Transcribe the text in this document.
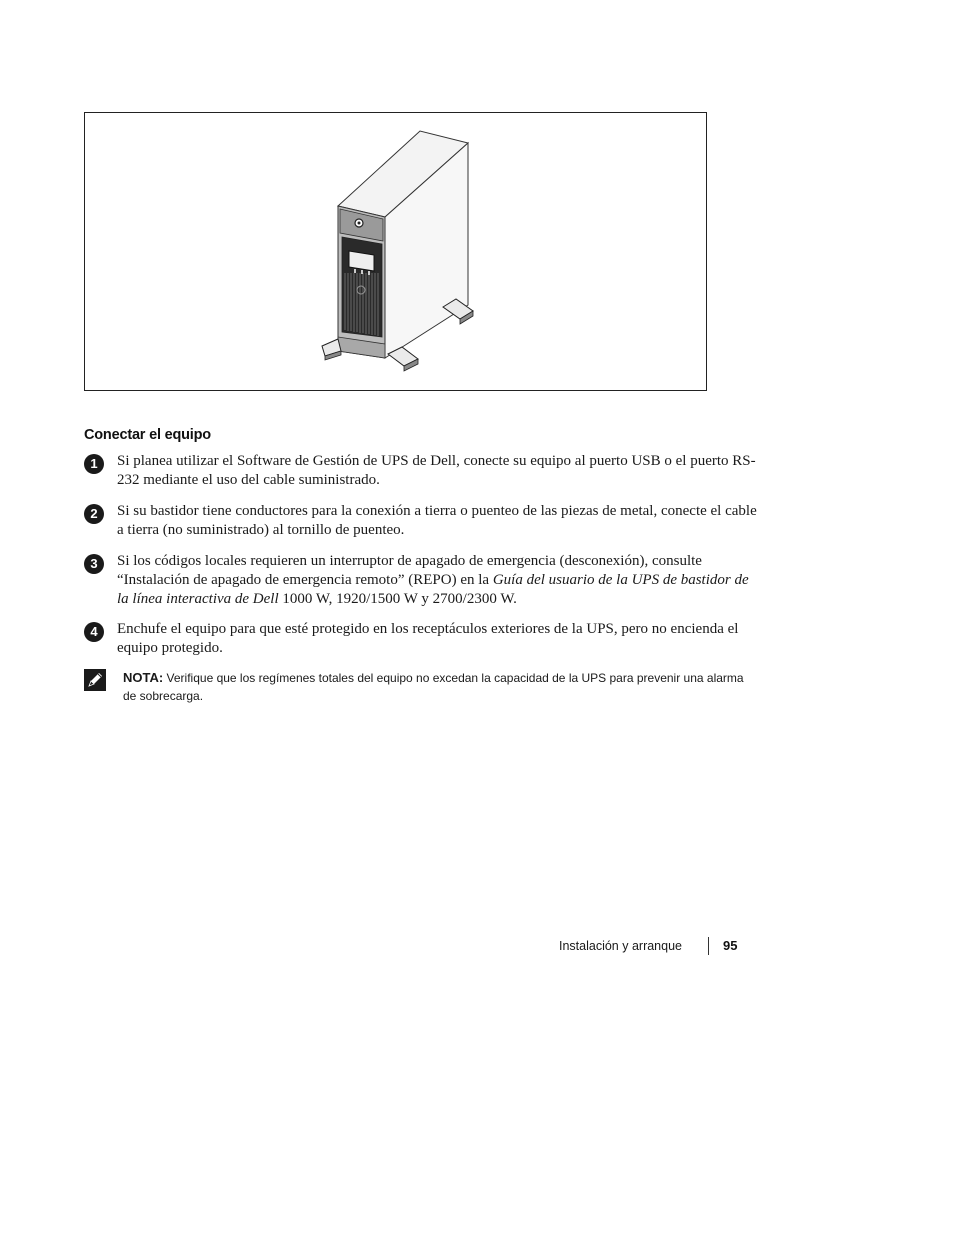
Conectar el equipo
1	Si planea utilizar el Software de Gestión de UPS de Dell, conecte su equipo al puerto USB o el puerto RS-232 mediante el uso del cable suministrado.
2	Si su bastidor tiene conductores para la conexión a tierra o puenteo de las piezas de metal, conecte el cable a tierra (no suministrado) al tornillo de puenteo.
3	Si los códigos locales requieren un interruptor de apagado de emergencia (desconexión), consulte “Instalación de apagado de emergencia remoto” (REPO) en la Guía del usuario de la UPS de bastidor de la línea interactiva de Dell 1000 W, 1920/1500 W y 2700/2300 W.
4	Enchufe el equipo para que esté protegido en los receptáculos exteriores de la UPS, pero no encienda el equipo protegido.
NOTA: Verifique que los regímenes totales del equipo no excedan la capacidad de la UPS para prevenir una alarma de sobrecarga.
Instalación y arranque	95
